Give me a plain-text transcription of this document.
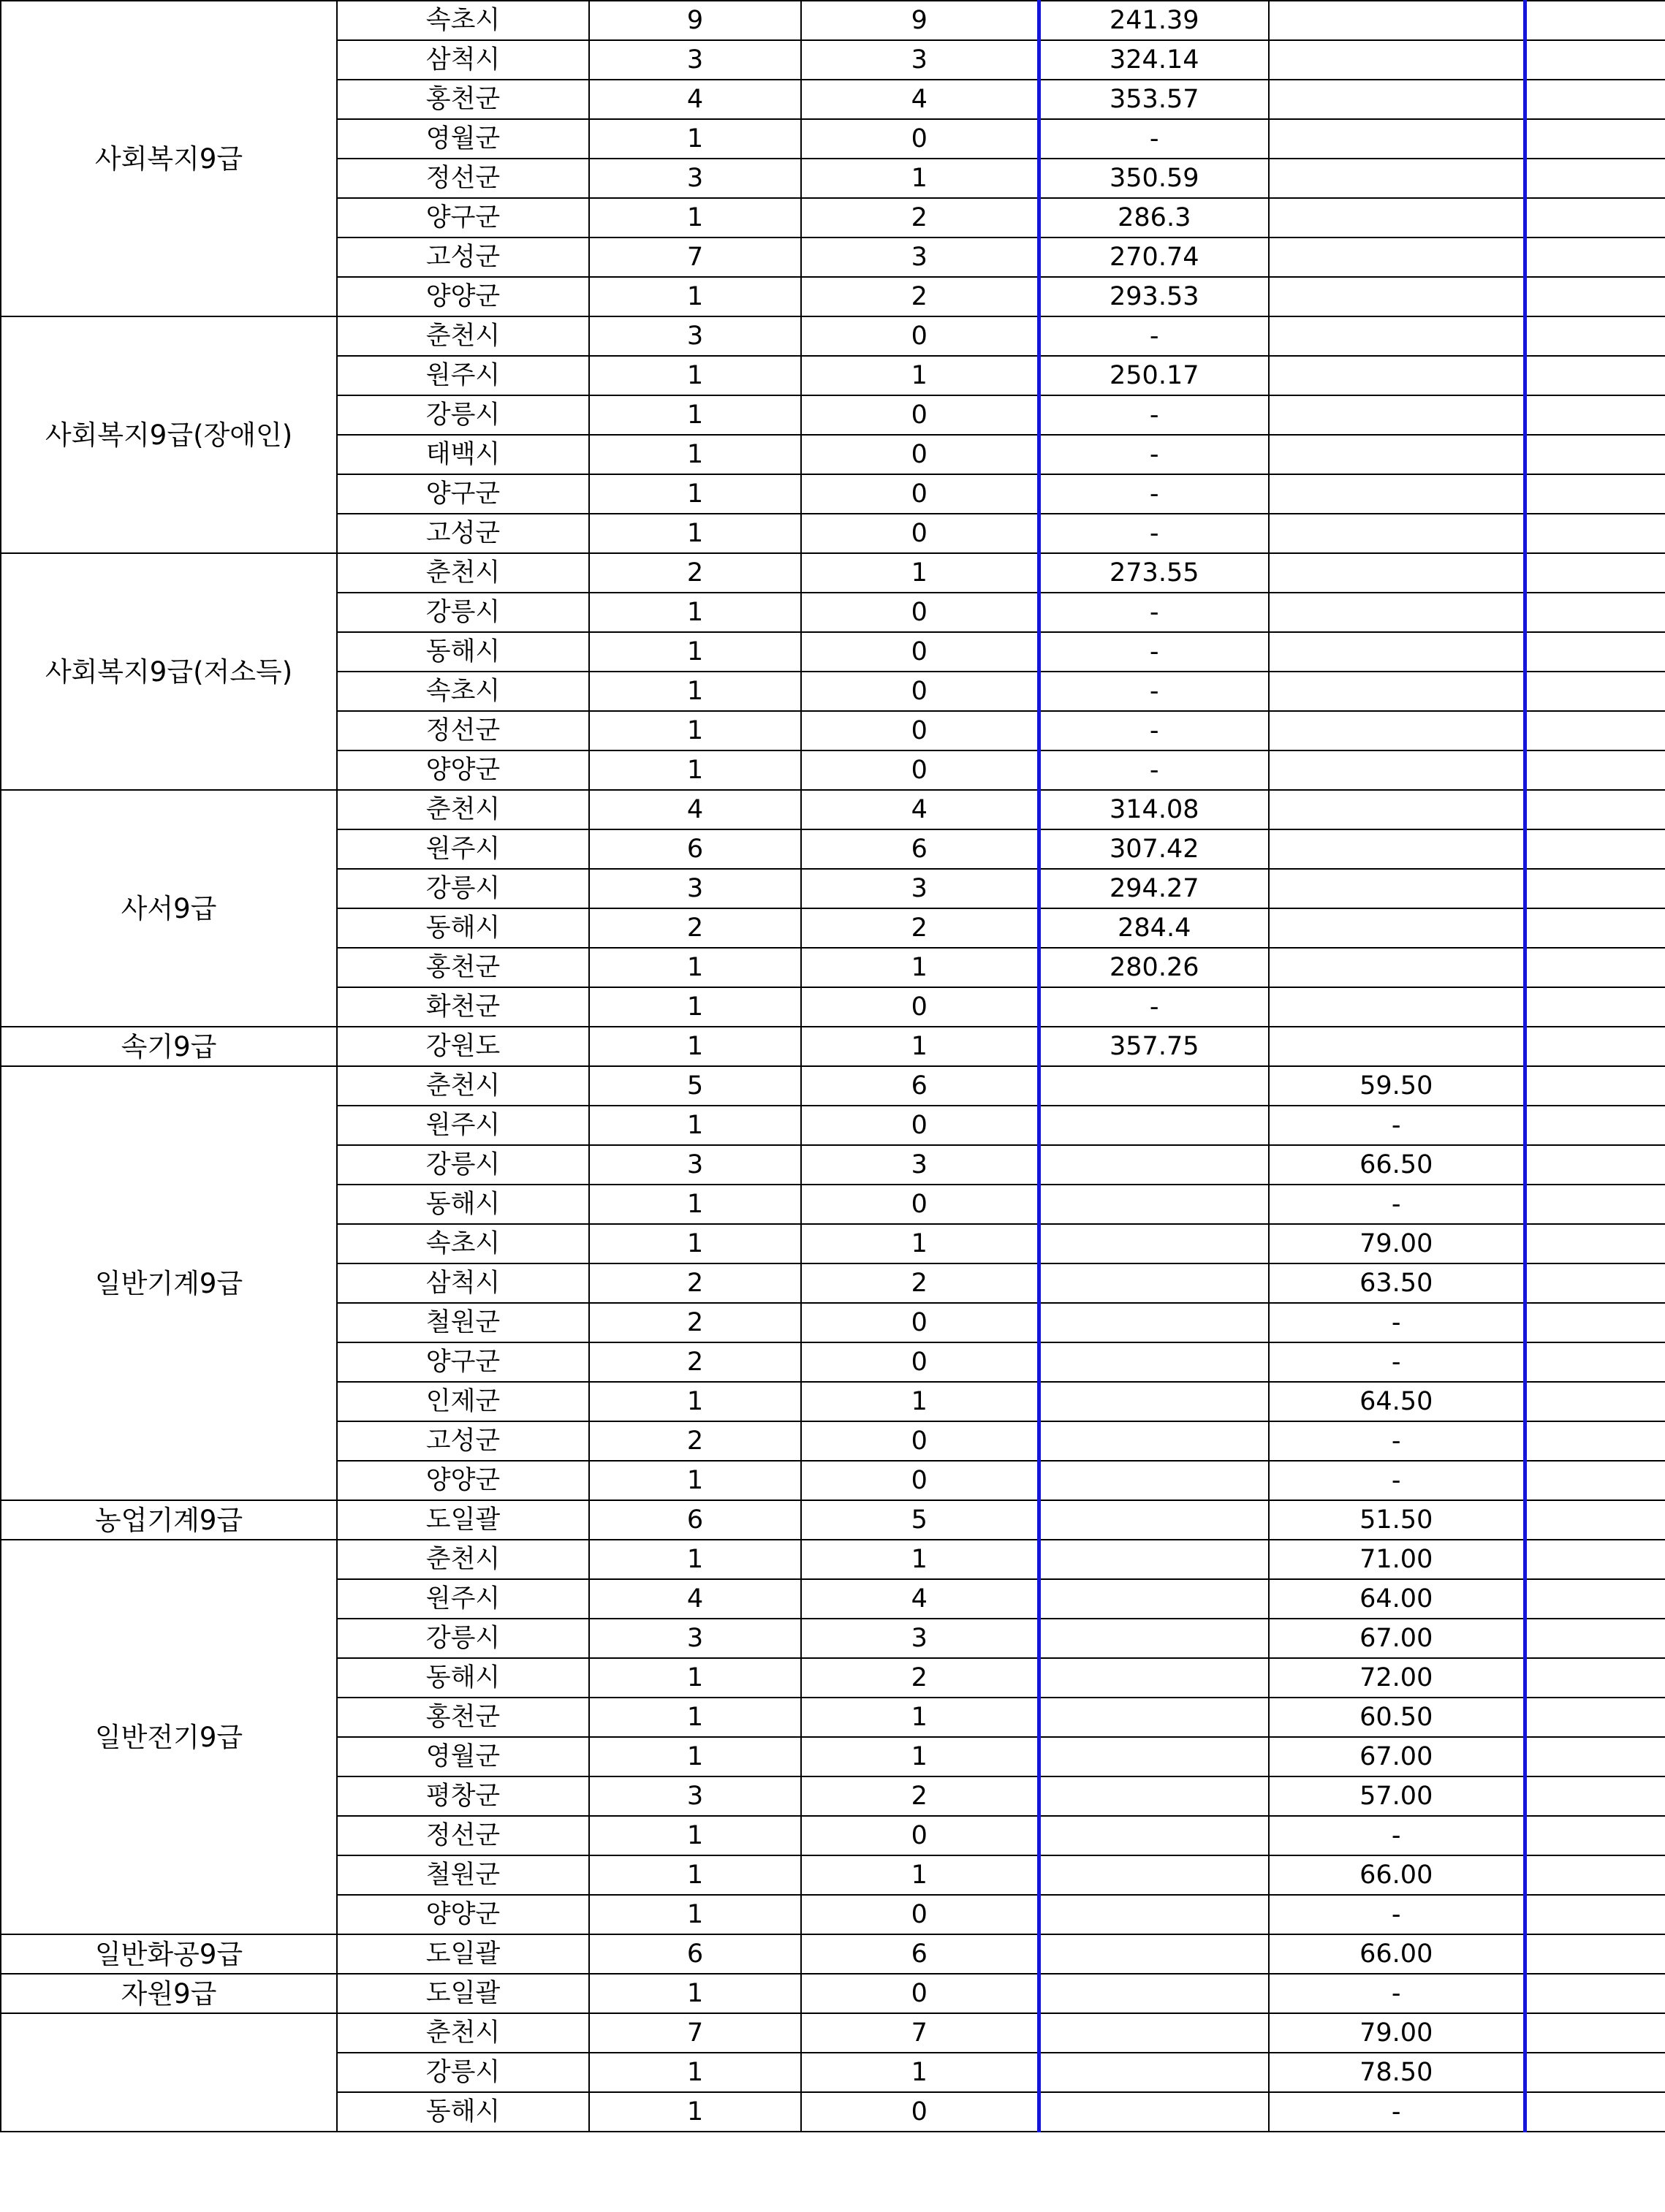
사회복지9급	속초시	9	9	241.39		
	삼척시	3	3	324.14		
	홍천군	4	4	353.57		
	영월군	1	0	-		
	정선군	3	1	350.59		
	양구군	1	2	286.3		
	고성군	7	3	270.74		
	양양군	1	2	293.53		
사회복지9급(장애인)	춘천시	3	0	-		
	원주시	1	1	250.17		
	강릉시	1	0	-		
	태백시	1	0	-		
	양구군	1	0	-		
	고성군	1	0	-		
사회복지9급(저소득)	춘천시	2	1	273.55		
	강릉시	1	0	-		
	동해시	1	0	-		
	속초시	1	0	-		
	정선군	1	0	-		
	양양군	1	0	-		
사서9급	춘천시	4	4	314.08		
	원주시	6	6	307.42		
	강릉시	3	3	294.27		
	동해시	2	2	284.4		
	홍천군	1	1	280.26		
	화천군	1	0	-		
속기9급	강원도	1	1	357.75		
일반기계9급	춘천시	5	6		59.50	
	원주시	1	0		-	
	강릉시	3	3		66.50	
	동해시	1	0		-	
	속초시	1	1		79.00	
	삼척시	2	2		63.50	
	철원군	2	0		-	
	양구군	2	0		-	
	인제군	1	1		64.50	
	고성군	2	0		-	
	양양군	1	0		-	
농업기계9급	도일괄	6	5		51.50	
일반전기9급	춘천시	1	1		71.00	
	원주시	4	4		64.00	
	강릉시	3	3		67.00	
	동해시	1	2		72.00	
	홍천군	1	1		60.50	
	영월군	1	1		67.00	
	평창군	3	2		57.00	
	정선군	1	0		-	
	철원군	1	1		66.00	
	양양군	1	0		-	
일반화공9급	도일괄	6	6		66.00	
자원9급	도일괄	1	0		-	
	춘천시	7	7		79.00	
	강릉시	1	1		78.50	
	동해시	1	0		-	
